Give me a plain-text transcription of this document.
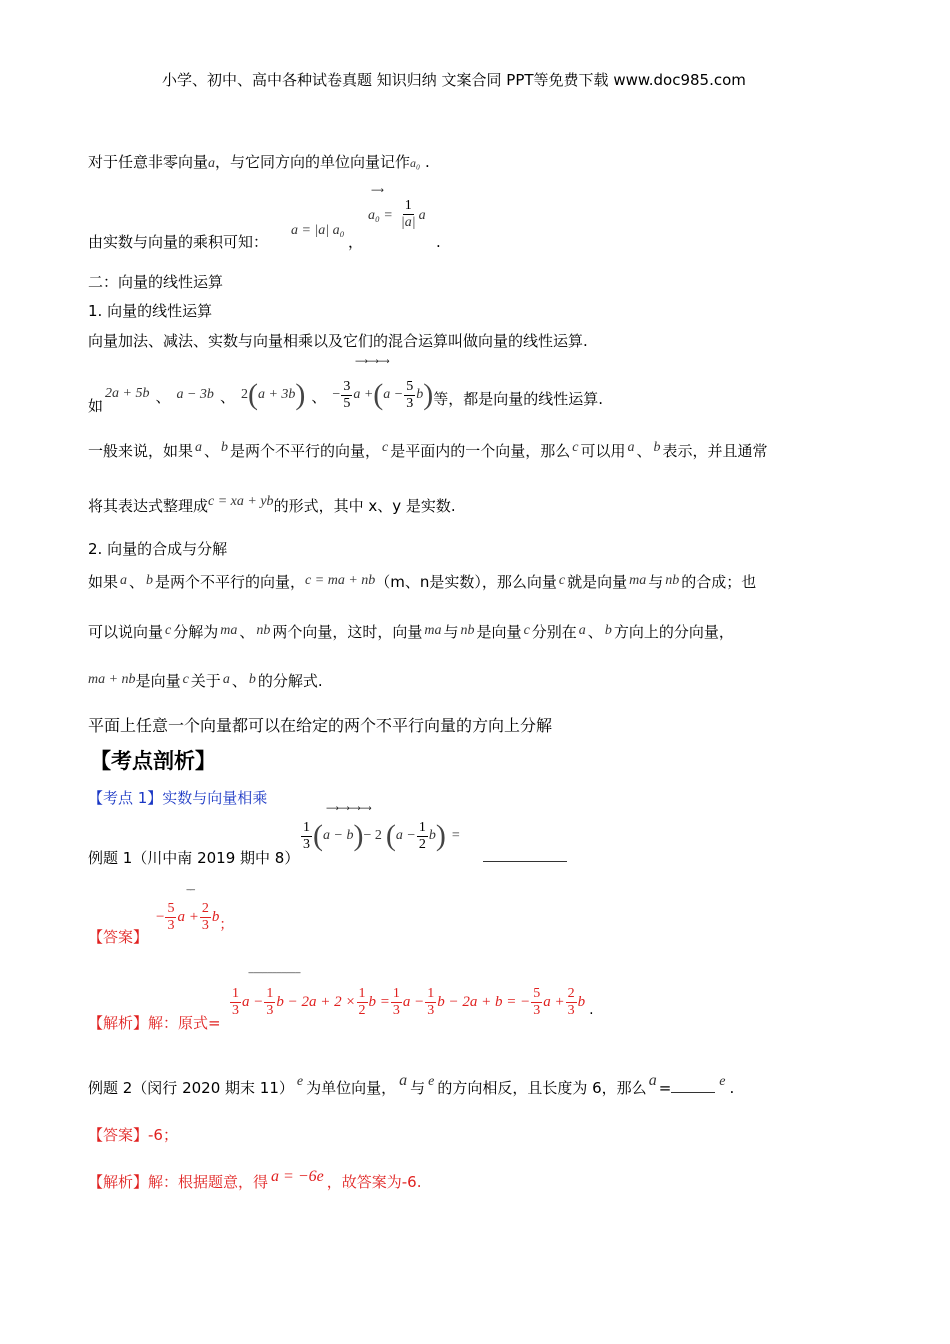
小学、初中、高中各种试卷真题 知识归纳 文案合同 PPT等免费下载 www.doc985.com
对于任意非零向量a，与它同方向的单位向量记作a₀ .
由实数与向量的乘积可知：
a = |a| a₀
，
⟶
$a_0 = \frac{1}{|a|}$ a
.
二：向量的线性运算
1. 向量的线性运算
向量加法、减法、实数与向量相乘以及它们的混合运算叫做向量的线性运算.
如
2a + 5b 、 a − 3b 、 2 ( a + 3b ) 、 − $\frac{3}{5}$ a + ( $a - \frac{5}{3}$ b ) 等，都是向量的线性运算.
⟶⟶⟶
一般来说，如果 a 、 b 是两个不平行的向量， c 是平面内的一个向量，那么 c 可以用 a 、 b 表示，并且通常
将其表达式整理成c = xa + yb的形式，其中 x、y 是实数.
2. 向量的合成与分解
如果 a 、 b 是两个不平行的向量，c = ma + nb（m、n是实数），那么向量 c 就是向量 ma 与 nb 的合成；也
可以说向量 c 分解为 ma 、 nb 两个向量，这时，向量 ma 与 nb 是向量 c 分别在 a 、 b 方向上的分向量，
ma + nb是向量 c 关于 a 、 b 的分解式.
平面上任意一个向量都可以在给定的两个不平行向量的方向上分解
【考点剖析】
【考点 1】实数与向量相乘
例题 1（川中南 2019 期中 8）
⟶⟶⟶⟶
$\frac{1}{3}$ ( a − b ) − 2 ( $a - \frac{1}{2}$ b ) =
【答案】
‒‒
− $\frac{5}{3}$ $a + \frac{2}{3}$ b
；
【解析】解：原式=
‒‒‒‒‒‒‒‒‒‒‒
$\frac{1}{3}$ $a - \frac{1}{3}$ $b - 2a + 2 \times \frac{1}{2}$ $b = \frac{1}{3}$ $a - \frac{1}{3}$ b − 2a + b = − $\frac{5}{3}$ $a + \frac{2}{3}$ b
.
例题 2（闵行 2020 期末 11） e 为单位向量， a 与 e 的方向相反，且长度为 6，那么 a =	e .
【答案】-6；
【解析】解：根据题意，得 a = −6e ，故答案为-6.
